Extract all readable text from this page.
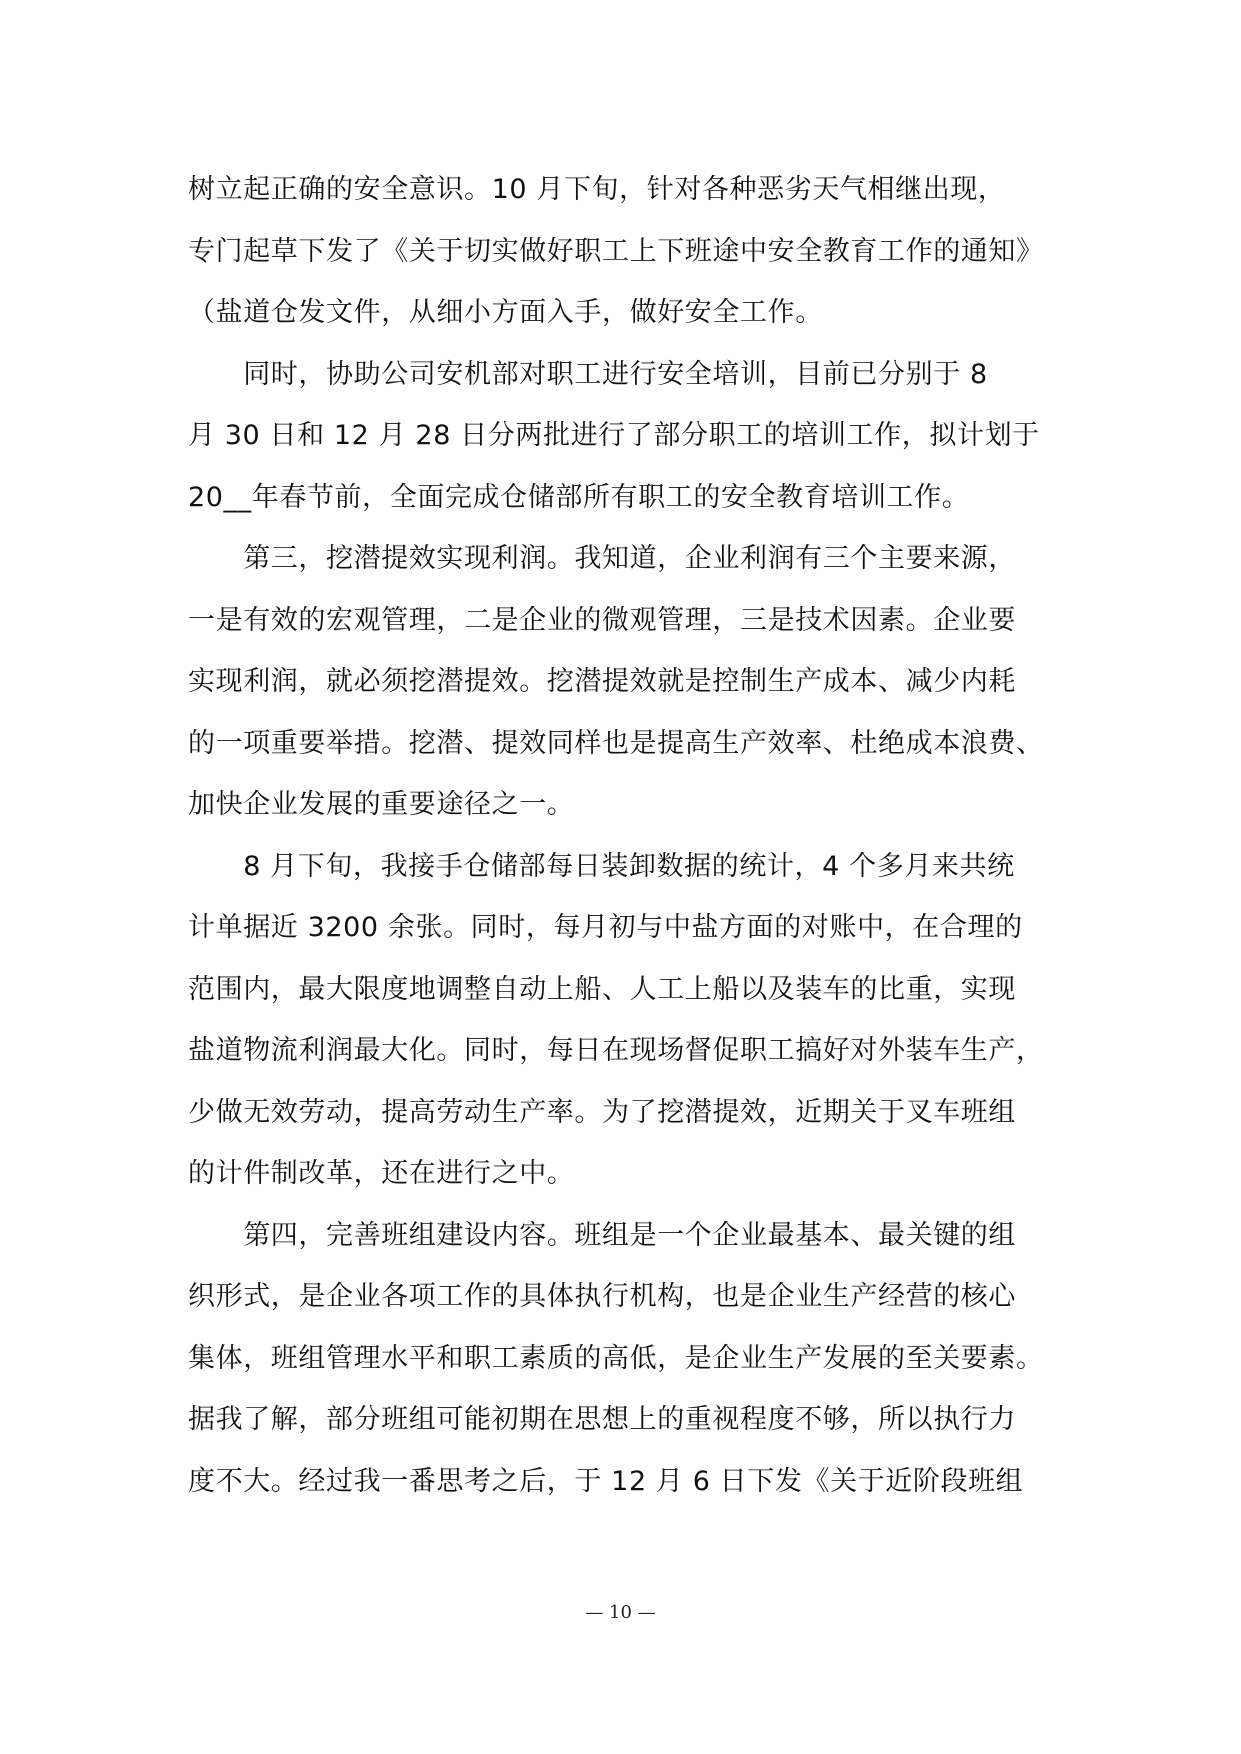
树立起正确的安全意识。10 月下旬，针对各种恶劣天气相继出现，
专门起草下发了《关于切实做好职工上下班途中安全教育工作的通知》
（盐道仓发文件，从细小方面入手，做好安全工作。
　　同时，协助公司安机部对职工进行安全培训，目前已分别于 8
月 30 日和 12 月 28 日分两批进行了部分职工的培训工作，拟计划于
20__年春节前，全面完成仓储部所有职工的安全教育培训工作。
　　第三，挖潜提效实现利润。我知道，企业利润有三个主要来源，
一是有效的宏观管理，二是企业的微观管理，三是技术因素。企业要
实现利润，就必须挖潜提效。挖潜提效就是控制生产成本、减少内耗
的一项重要举措。挖潜、提效同样也是提高生产效率、杜绝成本浪费、
加快企业发展的重要途径之一。
　　8 月下旬，我接手仓储部每日装卸数据的统计，4 个多月来共统
计单据近 3200 余张。同时，每月初与中盐方面的对账中，在合理的
范围内，最大限度地调整自动上船、人工上船以及装车的比重，实现
盐道物流利润最大化。同时，每日在现场督促职工搞好对外装车生产，
少做无效劳动，提高劳动生产率。为了挖潜提效，近期关于叉车班组
的计件制改革，还在进行之中。
　　第四，完善班组建设内容。班组是一个企业最基本、最关键的组
织形式，是企业各项工作的具体执行机构，也是企业生产经营的核心
集体，班组管理水平和职工素质的高低，是企业生产发展的至关要素。
据我了解，部分班组可能初期在思想上的重视程度不够，所以执行力
度不大。经过我一番思考之后，于 12 月 6 日下发《关于近阶段班组
— 10 —
